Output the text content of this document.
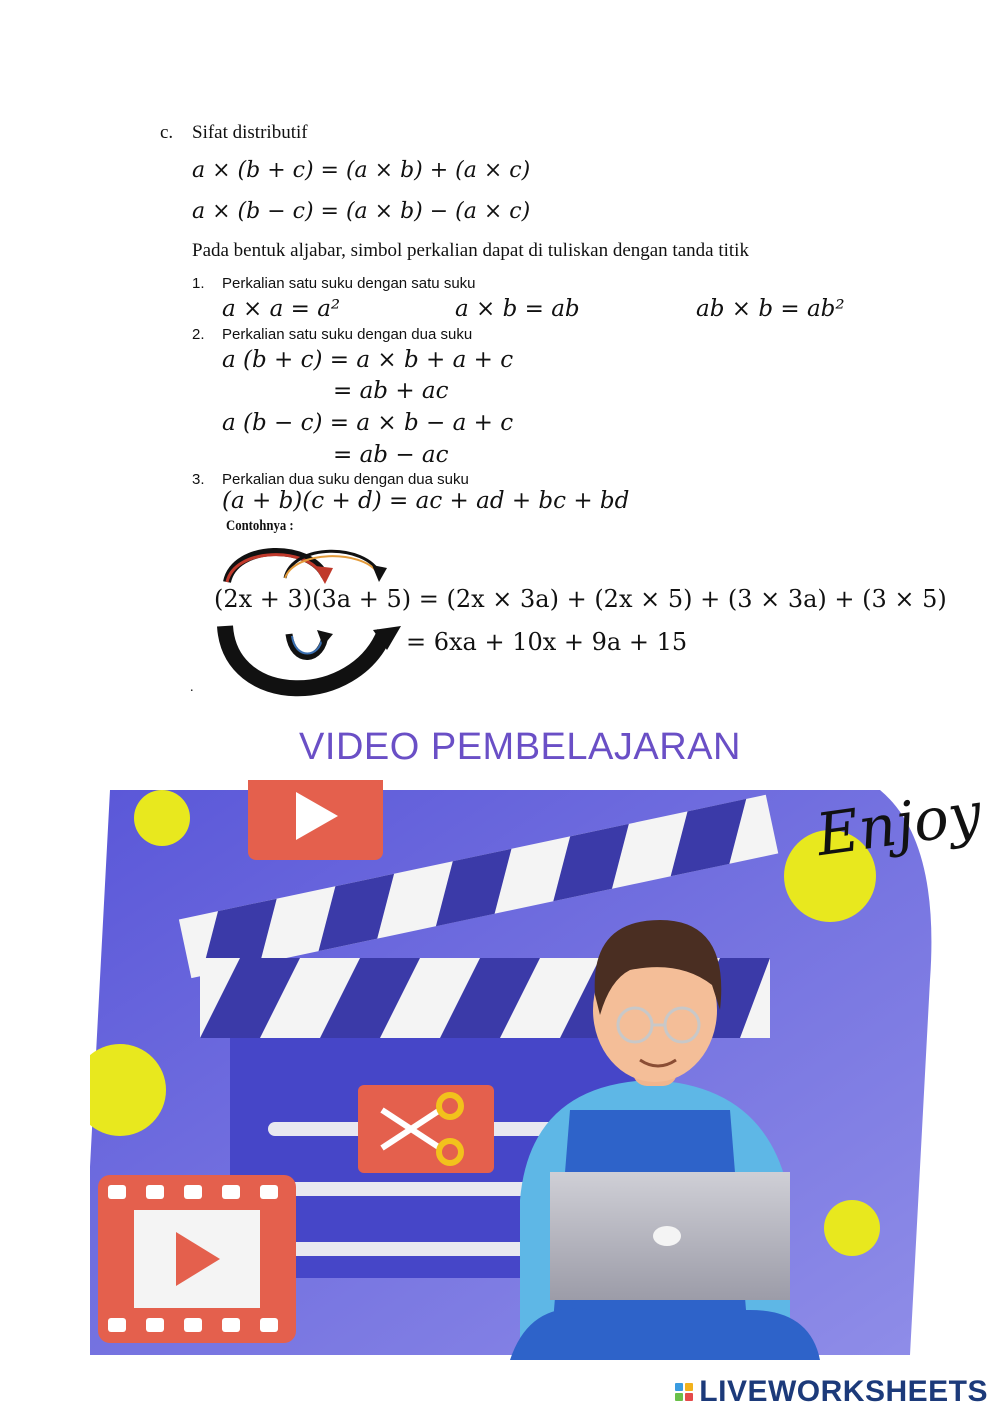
c. Sifat distributif
a × (b + c) = (a × b) + (a × c)
a × (b − c) = (a × b) − (a × c)
Pada bentuk aljabar, simbol perkalian dapat di tuliskan dengan tanda titik
1. Perkalian satu suku dengan satu suku
a × a = a²	a × b = ab	ab × b = ab²
2. Perkalian satu suku dengan dua suku
a (b + c) = a × b + a + c
= ab + ac
a (b − c) = a × b − a + c
= ab − ac
3. Perkalian dua suku dengan dua suku
(a + b)(c + d) = ac + ad + bc + bd
Contohnya :
(2x + 3)(3a + 5) = (2x × 3a) + (2x × 5) + (3 × 3a) + (3 × 5)
= 6xa + 10x + 9a + 15
.
VIDEO PEMBELAJARAN
Enjoy
LIVEWORKSHEETS
